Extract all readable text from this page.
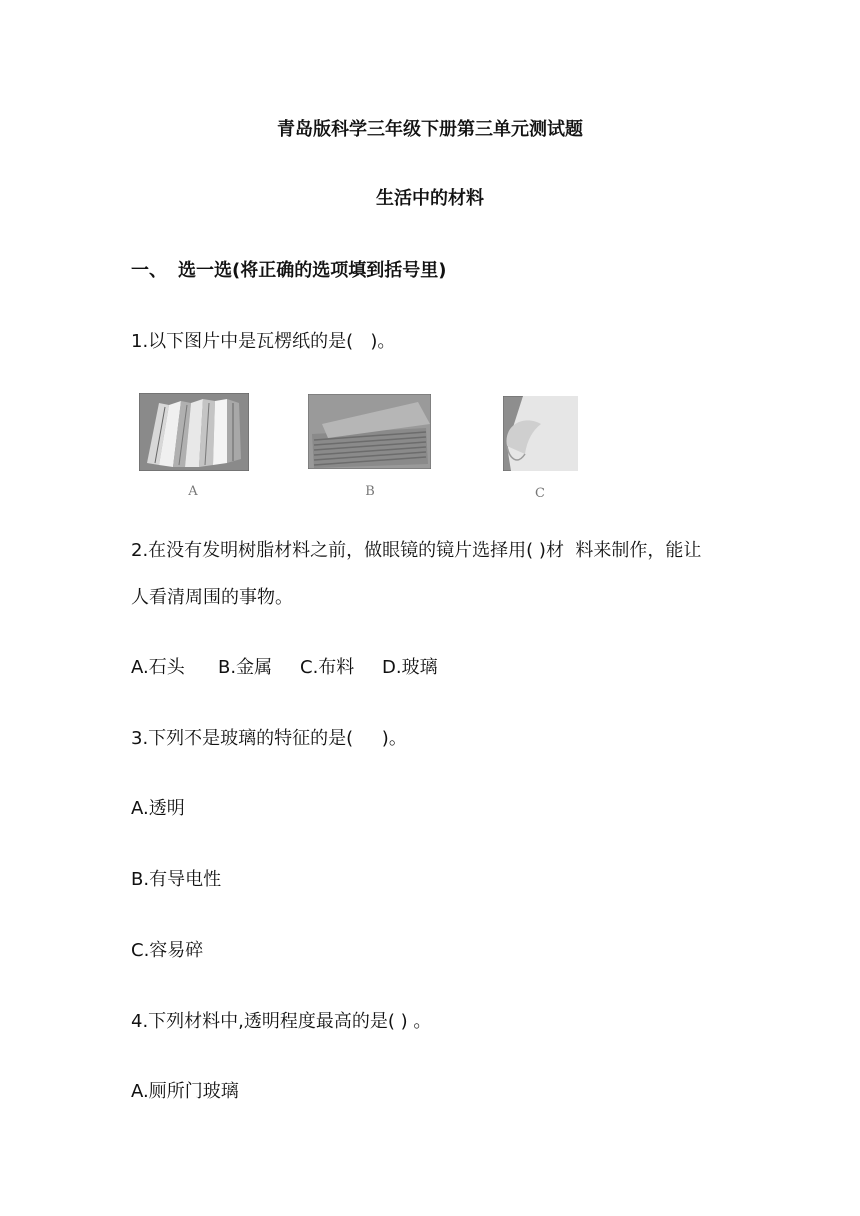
青岛版科学三年级下册第三单元测试题
生活中的材料
一、 选一选(将正确的选项填到括号里)
1.以下图片中是瓦楞纸的是(   )。
A	B	C
2.在没有发明树脂材料之前，做眼镜的镜片选择用( )材  料来制作，能让
人看清周围的事物。
A.石头 B.金属 C.布料 D.玻璃
3.下列不是玻璃的特征的是(     )。
A.透明
B.有导电性
C.容易碎
4.下列材料中,透明程度最高的是( ) 。
A.厕所门玻璃
